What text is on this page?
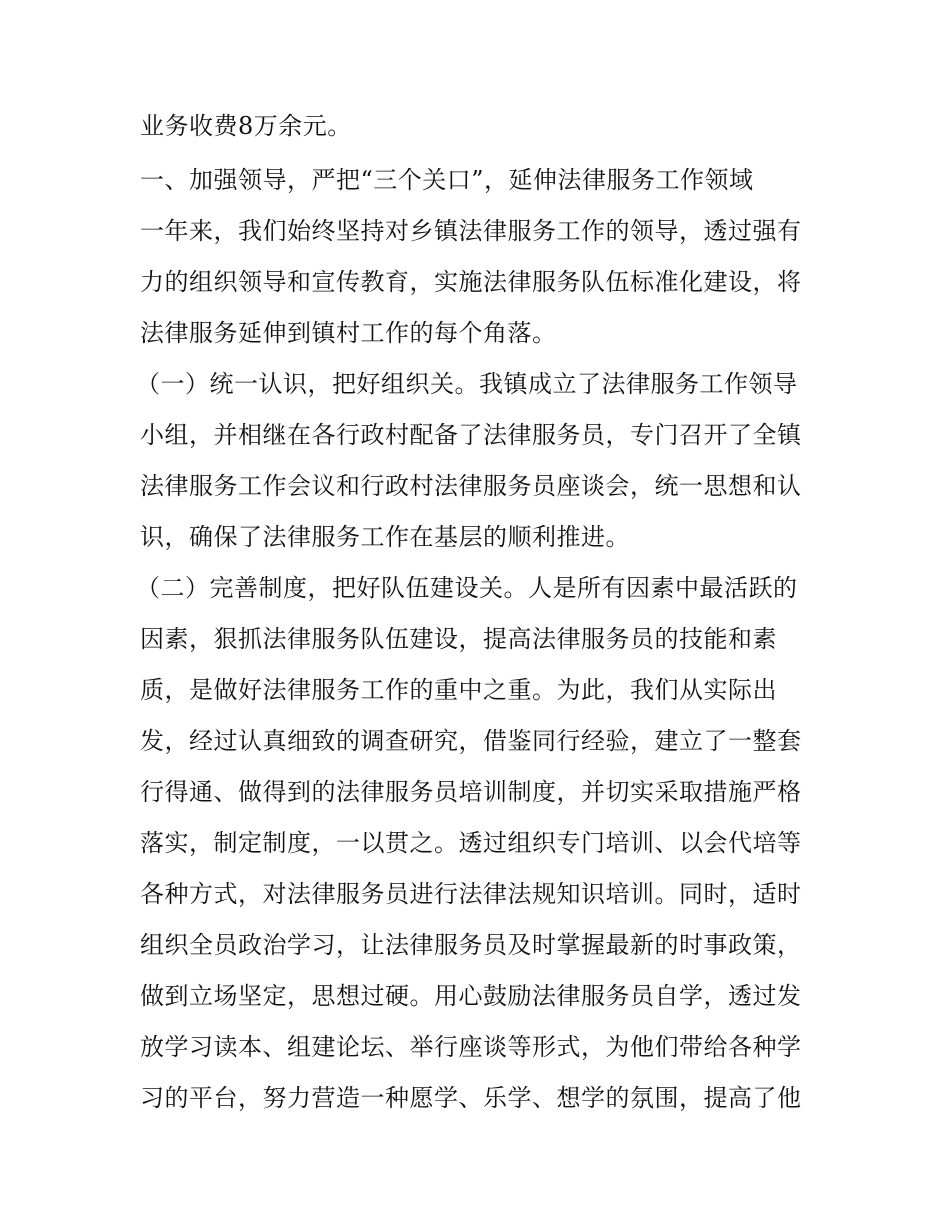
业务收费8万余元。
一、加强领导，严把“三个关口”，延伸法律服务工作领域
一年来，我们始终坚持对乡镇法律服务工作的领导，透过强有
力的组织领导和宣传教育，实施法律服务队伍标准化建设，将
法律服务延伸到镇村工作的每个角落。
（一）统一认识，把好组织关。我镇成立了法律服务工作领导
小组，并相继在各行政村配备了法律服务员，专门召开了全镇
法律服务工作会议和行政村法律服务员座谈会，统一思想和认
识，确保了法律服务工作在基层的顺利推进。
（二）完善制度，把好队伍建设关。人是所有因素中最活跃的
因素，狠抓法律服务队伍建设，提高法律服务员的技能和素
质，是做好法律服务工作的重中之重。为此，我们从实际出
发，经过认真细致的调查研究，借鉴同行经验，建立了一整套
行得通、做得到的法律服务员培训制度，并切实采取措施严格
落实，制定制度，一以贯之。透过组织专门培训、以会代培等
各种方式，对法律服务员进行法律法规知识培训。同时，适时
组织全员政治学习，让法律服务员及时掌握最新的时事政策，
做到立场坚定，思想过硬。用心鼓励法律服务员自学，透过发
放学习读本、组建论坛、举行座谈等形式，为他们带给各种学
习的平台，努力营造一种愿学、乐学、想学的氛围，提高了他
